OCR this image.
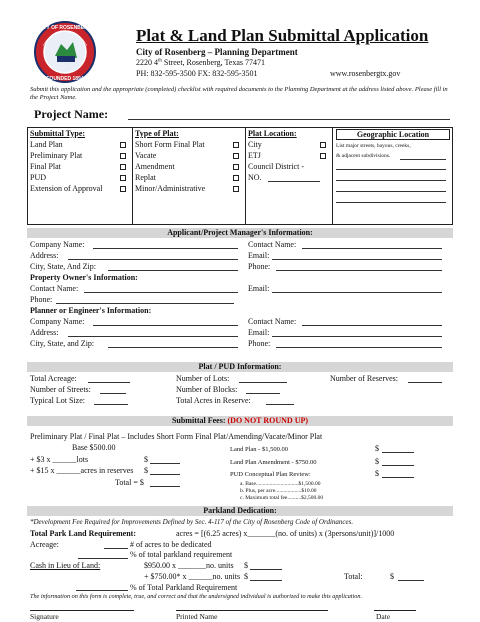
CITY OF ROSENBERG
FOUNDED 1894
Plat & Land Plan Submittal Application
City of Rosenberg – Planning Department
2220 4th Street, Rosenberg, Texas 77471
PH: 832-595-3500 FX: 832-595-3501	www.rosenbergtx.gov
Submit this application and the appropriate (completed) checklist with required documents to the Planning Department at the address listed above. Please fill in the Project Name.
Project Name:
Submittal Type:
Land Plan
Preliminary Plat
Final Plat
PUD
Extension of Approval
Type of Plat:
Short Form Final Plat
Vacate
Amendment
Replat
Minor/Administrative
Plat Location:
City
ETJ
Council District -
NO.
Geographic Location
List major streets, bayous, creeks, & adjacent subdivisions.
Applicant/Project Manager's Information:
Company Name:
Address:
City, State, And Zip:
Contact Name:
Email:
Phone:
Property Owner's Information:
Contact Name:	Email:
Phone:
Planner or Engineer's Information:
Company Name:
Address:
City, State, and Zip:
Contact Name:
Email:
Phone:
Plat / PUD Information:
Total Acreage:	Number of Lots:	Number of Reserves:
Number of Streets:	Number of Blocks:
Typical Lot Size:	Total Acres in Reserve:
Submittal Fees: (DO NOT ROUND UP)
Preliminary Plat / Final Plat – Includes Short Form Final Plat/Amending/Vacate/Minor Plat
Base $500.00
+ $3 x ______lots	$
+ $15 x ______acres in reserves $
Total = $
Land Plan - $1,500.00	$
Land Plan Amendment - $750.00	$
PUD Conceptual Plan Review:	$
a. Base...............................$1,500.00
b. Plus, per acre...................$10.00
c. Maximum total fee..........$2,500.00
Parkland Dedication:
*Development Fee Required for Improvements Defined by Sec. 4-117 of the City of Rosenberg Code of Ordinances.
Total Park Land Requirement:	acres = [(6.25 acres) x_______(no. of units) x (3persons/unit)]/1000
Acreage:	# of acres to be dedicated
% of total parkland requirement
Cash in Lieu of Land:	$950.00 x _______no. units $
+ $750.00* x ______no. units $	Total:	$
% of Total Parkland Requirement
The information on this form is complete, true, and correct and that the undersigned individual is authorized to make this application.
Signature	Printed Name	Date
